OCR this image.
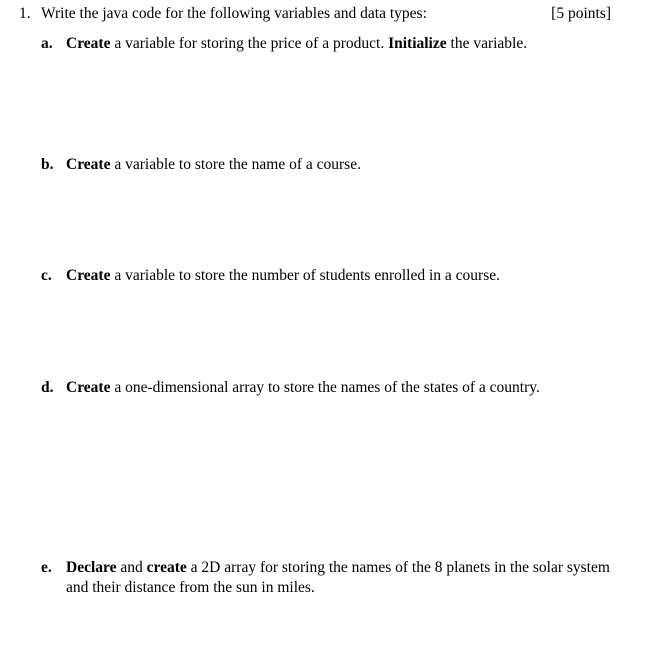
1. Write the java code for the following variables and data types:	[5 points]
a. Create a variable for storing the price of a product. Initialize the variable.
b. Create a variable to store the name of a course.
c. Create a variable to store the number of students enrolled in a course.
d. Create a one-dimensional array to store the names of the states of a country.
e. Declare and create a 2D array for storing the names of the 8 planets in the solar system and their distance from the sun in miles.
